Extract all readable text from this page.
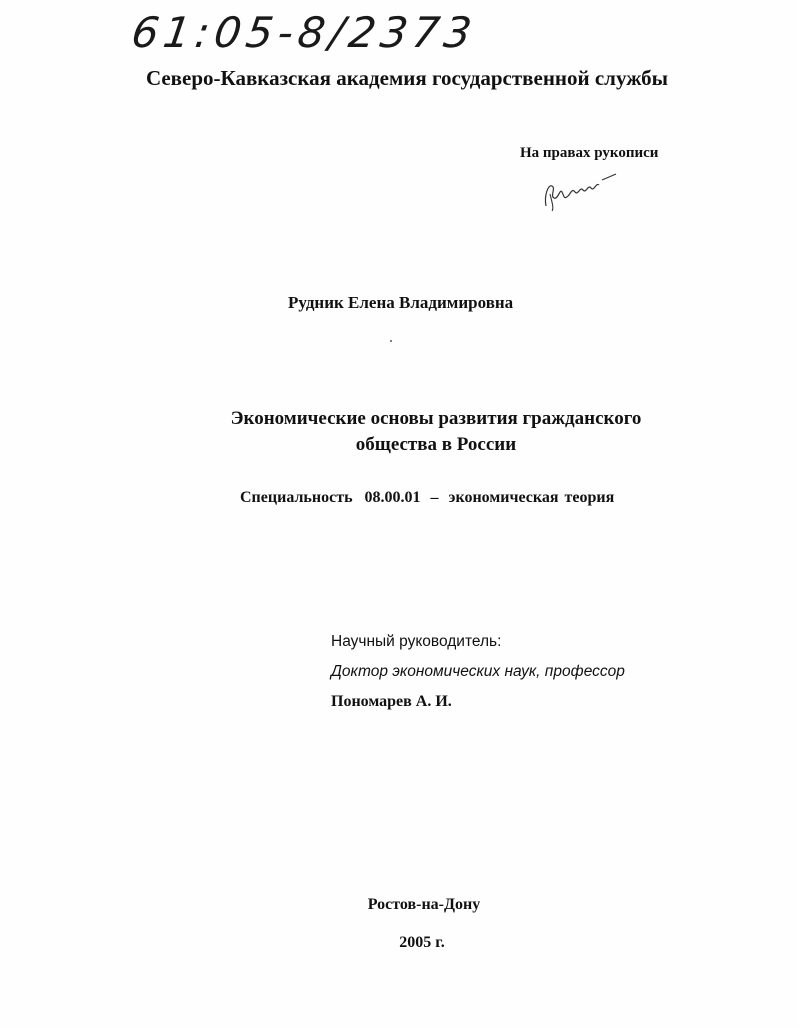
61:05-8/2373
Северо-Кавказская академия государственной службы
На правах рукописи
Рудник Елена Владимировна
Экономические основы развития гражданского
общества в России
Специальность 08.00.01 – экономическая теория
Научный руководитель:
Доктор экономических наук, профессор
Пономарев А. И.
Ростов-на-Дону
2005 г.
